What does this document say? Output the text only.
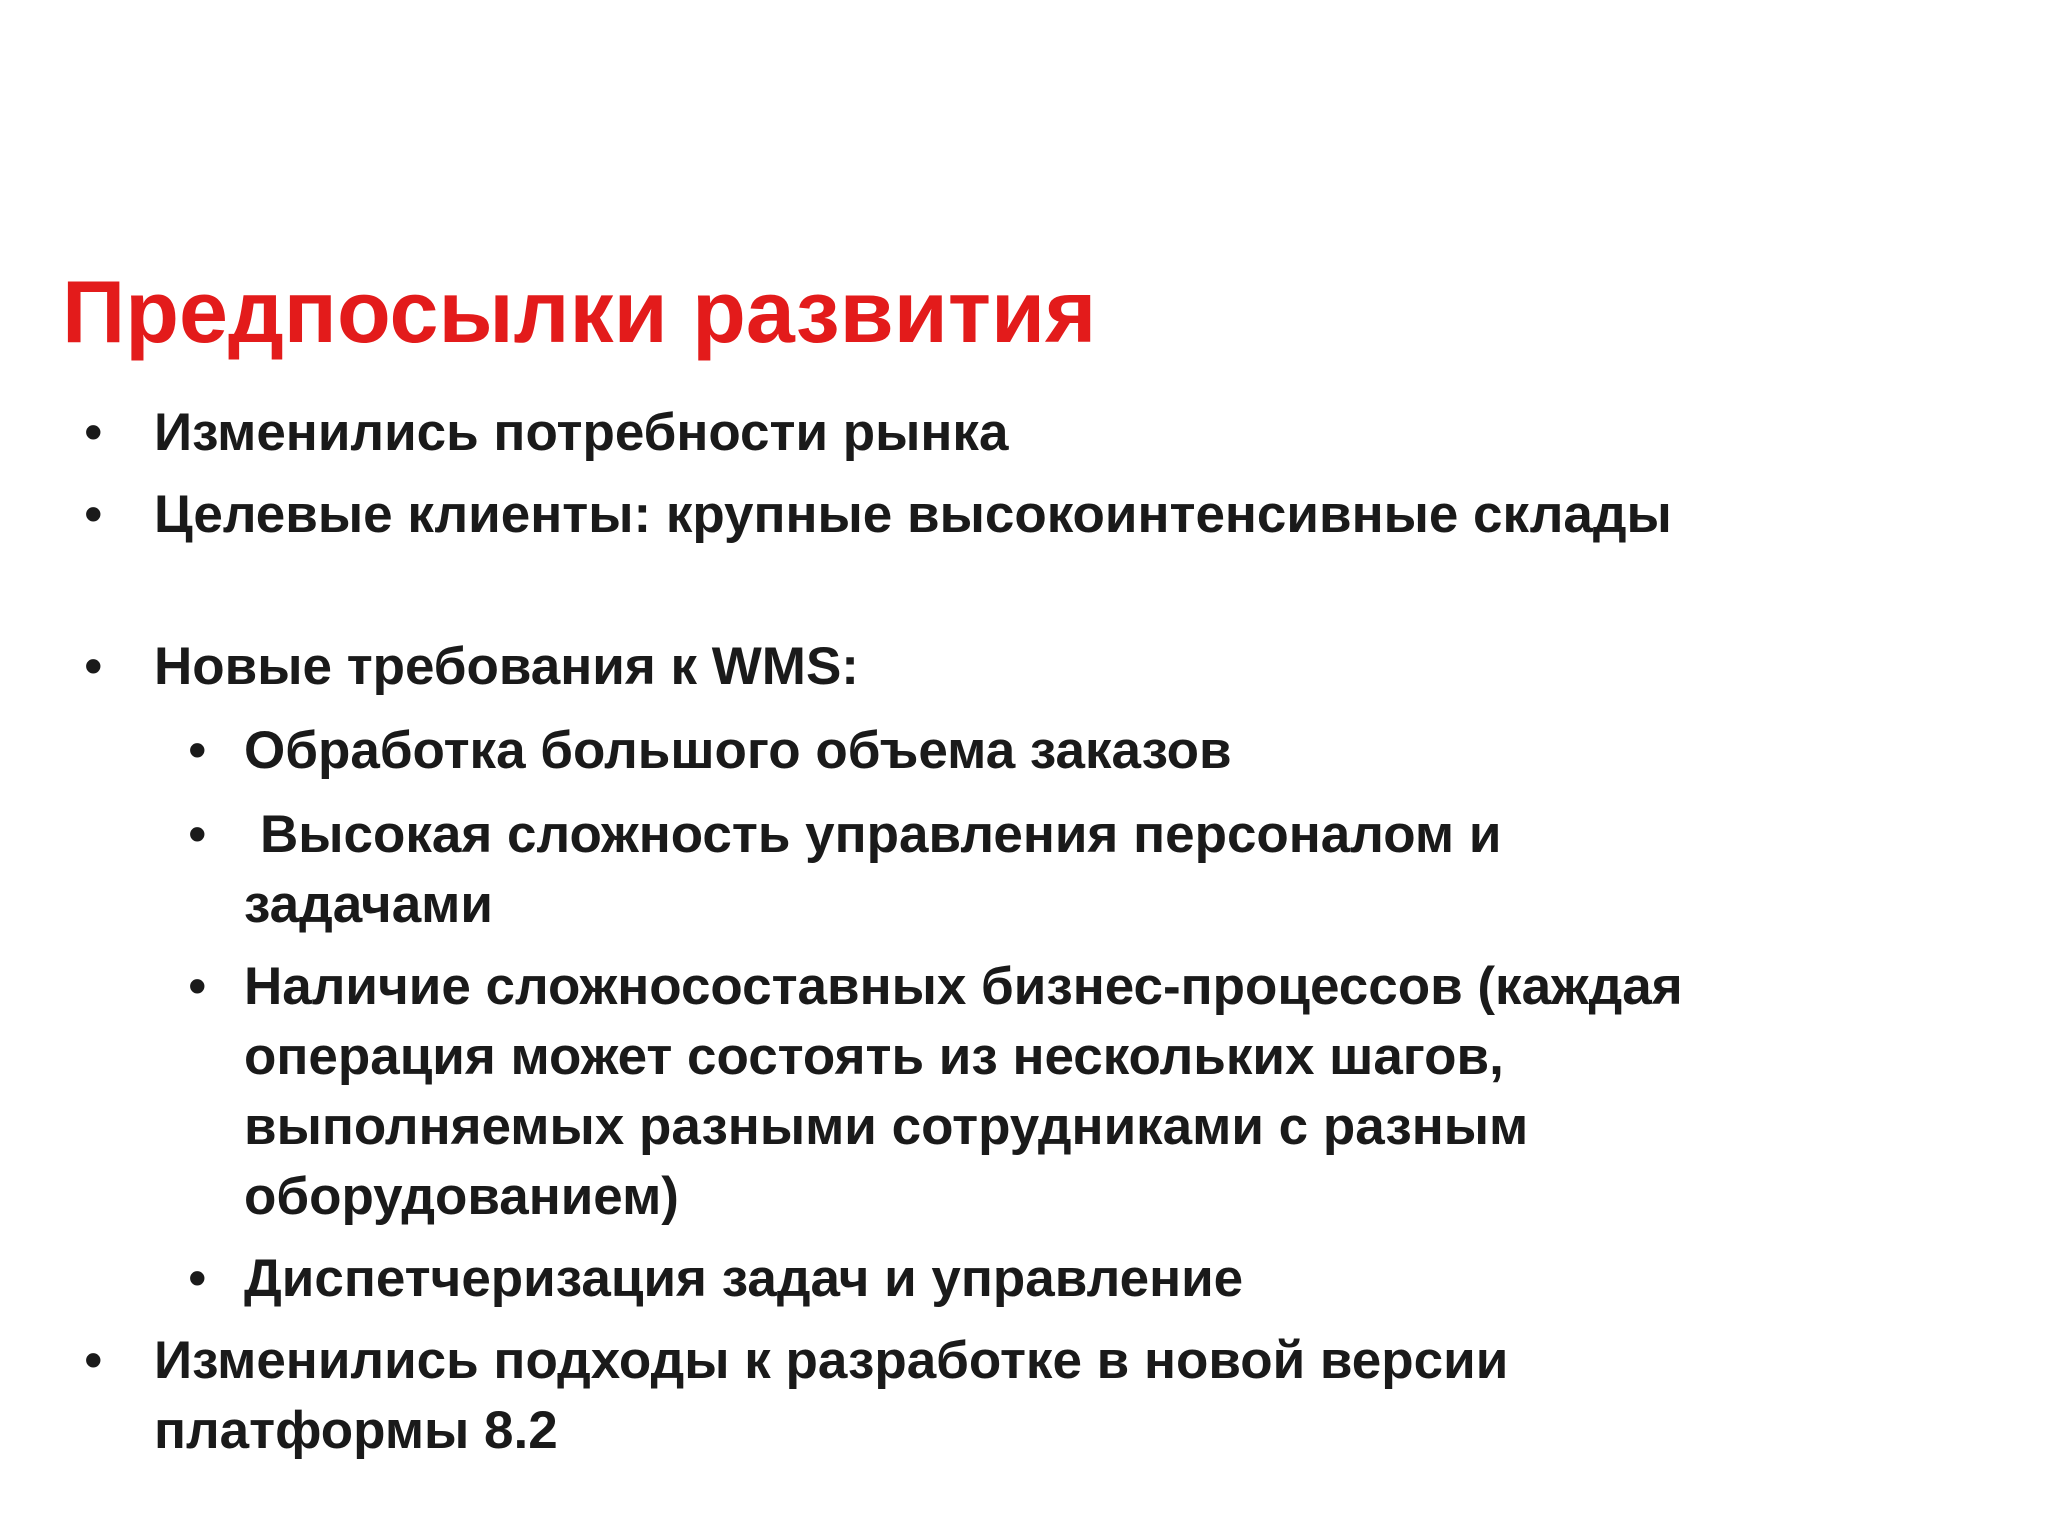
Предпосылки развития
• Изменились потребности рынка
• Целевые клиенты: крупные высокоинтенсивные склады
• Новые требования к WMS:
• Обработка большого объема заказов
• Высокая сложность управления персоналом и задачами
• Наличие сложносоставных бизнес-процессов (каждая операция может состоять из нескольких шагов, выполняемых разными сотрудниками с разным оборудованием)
• Диспетчеризация задач и управление
• Изменились подходы к разработке в новой версии платформы 8.2
